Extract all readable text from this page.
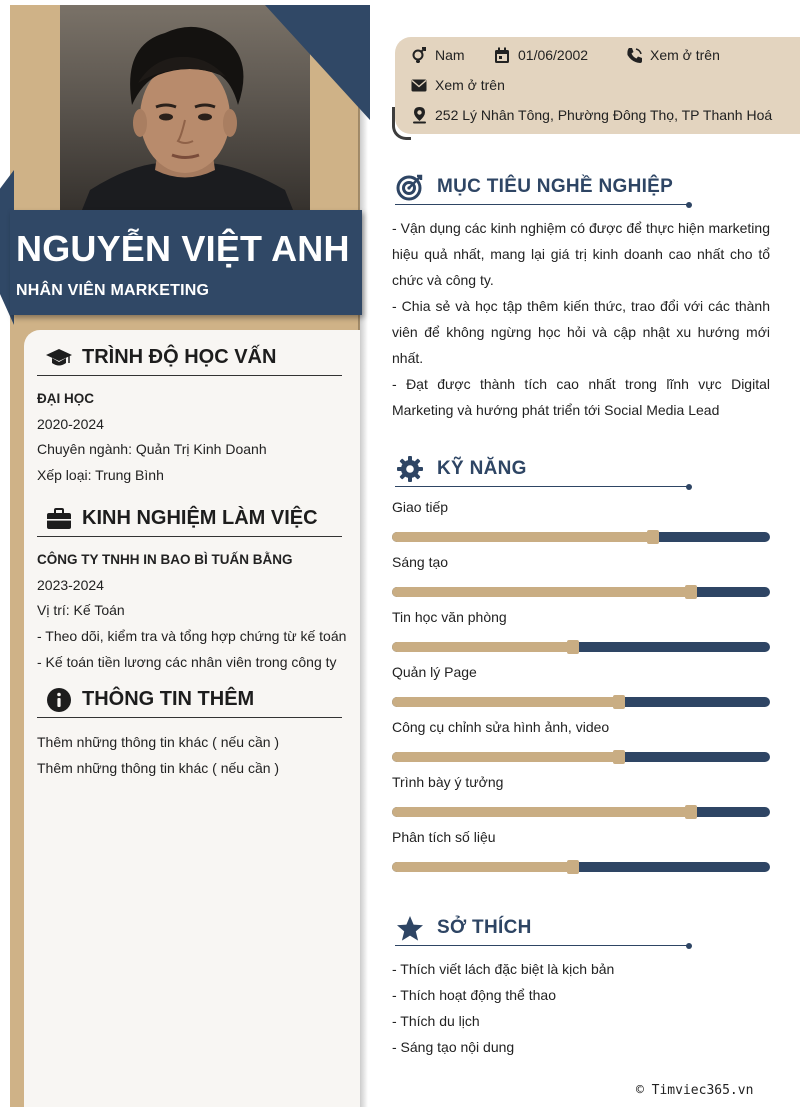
NGUYỄN VIỆT ANH
NHÂN VIÊN MARKETING
TRÌNH ĐỘ HỌC VẤN
ĐẠI HỌC
2020-2024
Chuyên ngành: Quản Trị Kinh Doanh
Xếp loại: Trung Bình
KINH NGHIỆM LÀM VIỆC
CÔNG TY TNHH IN BAO BÌ TUẤN BẰNG
2023-2024
Vị trí: Kế Toán
- Theo dõi, kiểm tra và tổng hợp chứng từ kế toán
- Kế toán tiền lương các nhân viên trong công ty
THÔNG TIN THÊM
Thêm những thông tin khác ( nếu cần )
Thêm những thông tin khác ( nếu cần )
Nam	01/06/2002	Xem ở trên
Xem ở trên
252 Lý Nhân Tông, Phường Đông Thọ, TP Thanh Hoá
MỤC TIÊU NGHỀ NGHIỆP
- Vận dụng các kinh nghiệm có được để thực hiện marketing hiệu quả nhất, mang lại giá trị kinh doanh cao nhất cho tổ chức và công ty.
- Chia sẻ và học tập thêm kiến thức, trao đổi với các thành viên để không ngừng học hỏi và cập nhật xu hướng mới nhất.
- Đạt được thành tích cao nhất trong lĩnh vực Digital Marketing và hướng phát triển tới Social Media Lead
KỸ NĂNG
Giao tiếp
Sáng tạo
Tin học văn phòng
Quản lý Page
Công cụ chỉnh sửa hình ảnh, video
Trình bày ý tưởng
Phân tích số liệu
SỞ THÍCH
- Thích viết lách đặc biệt là kịch bản
- Thích hoạt động thể thao
- Thích du lịch
- Sáng tạo nội dung
© Timviec365.vn
